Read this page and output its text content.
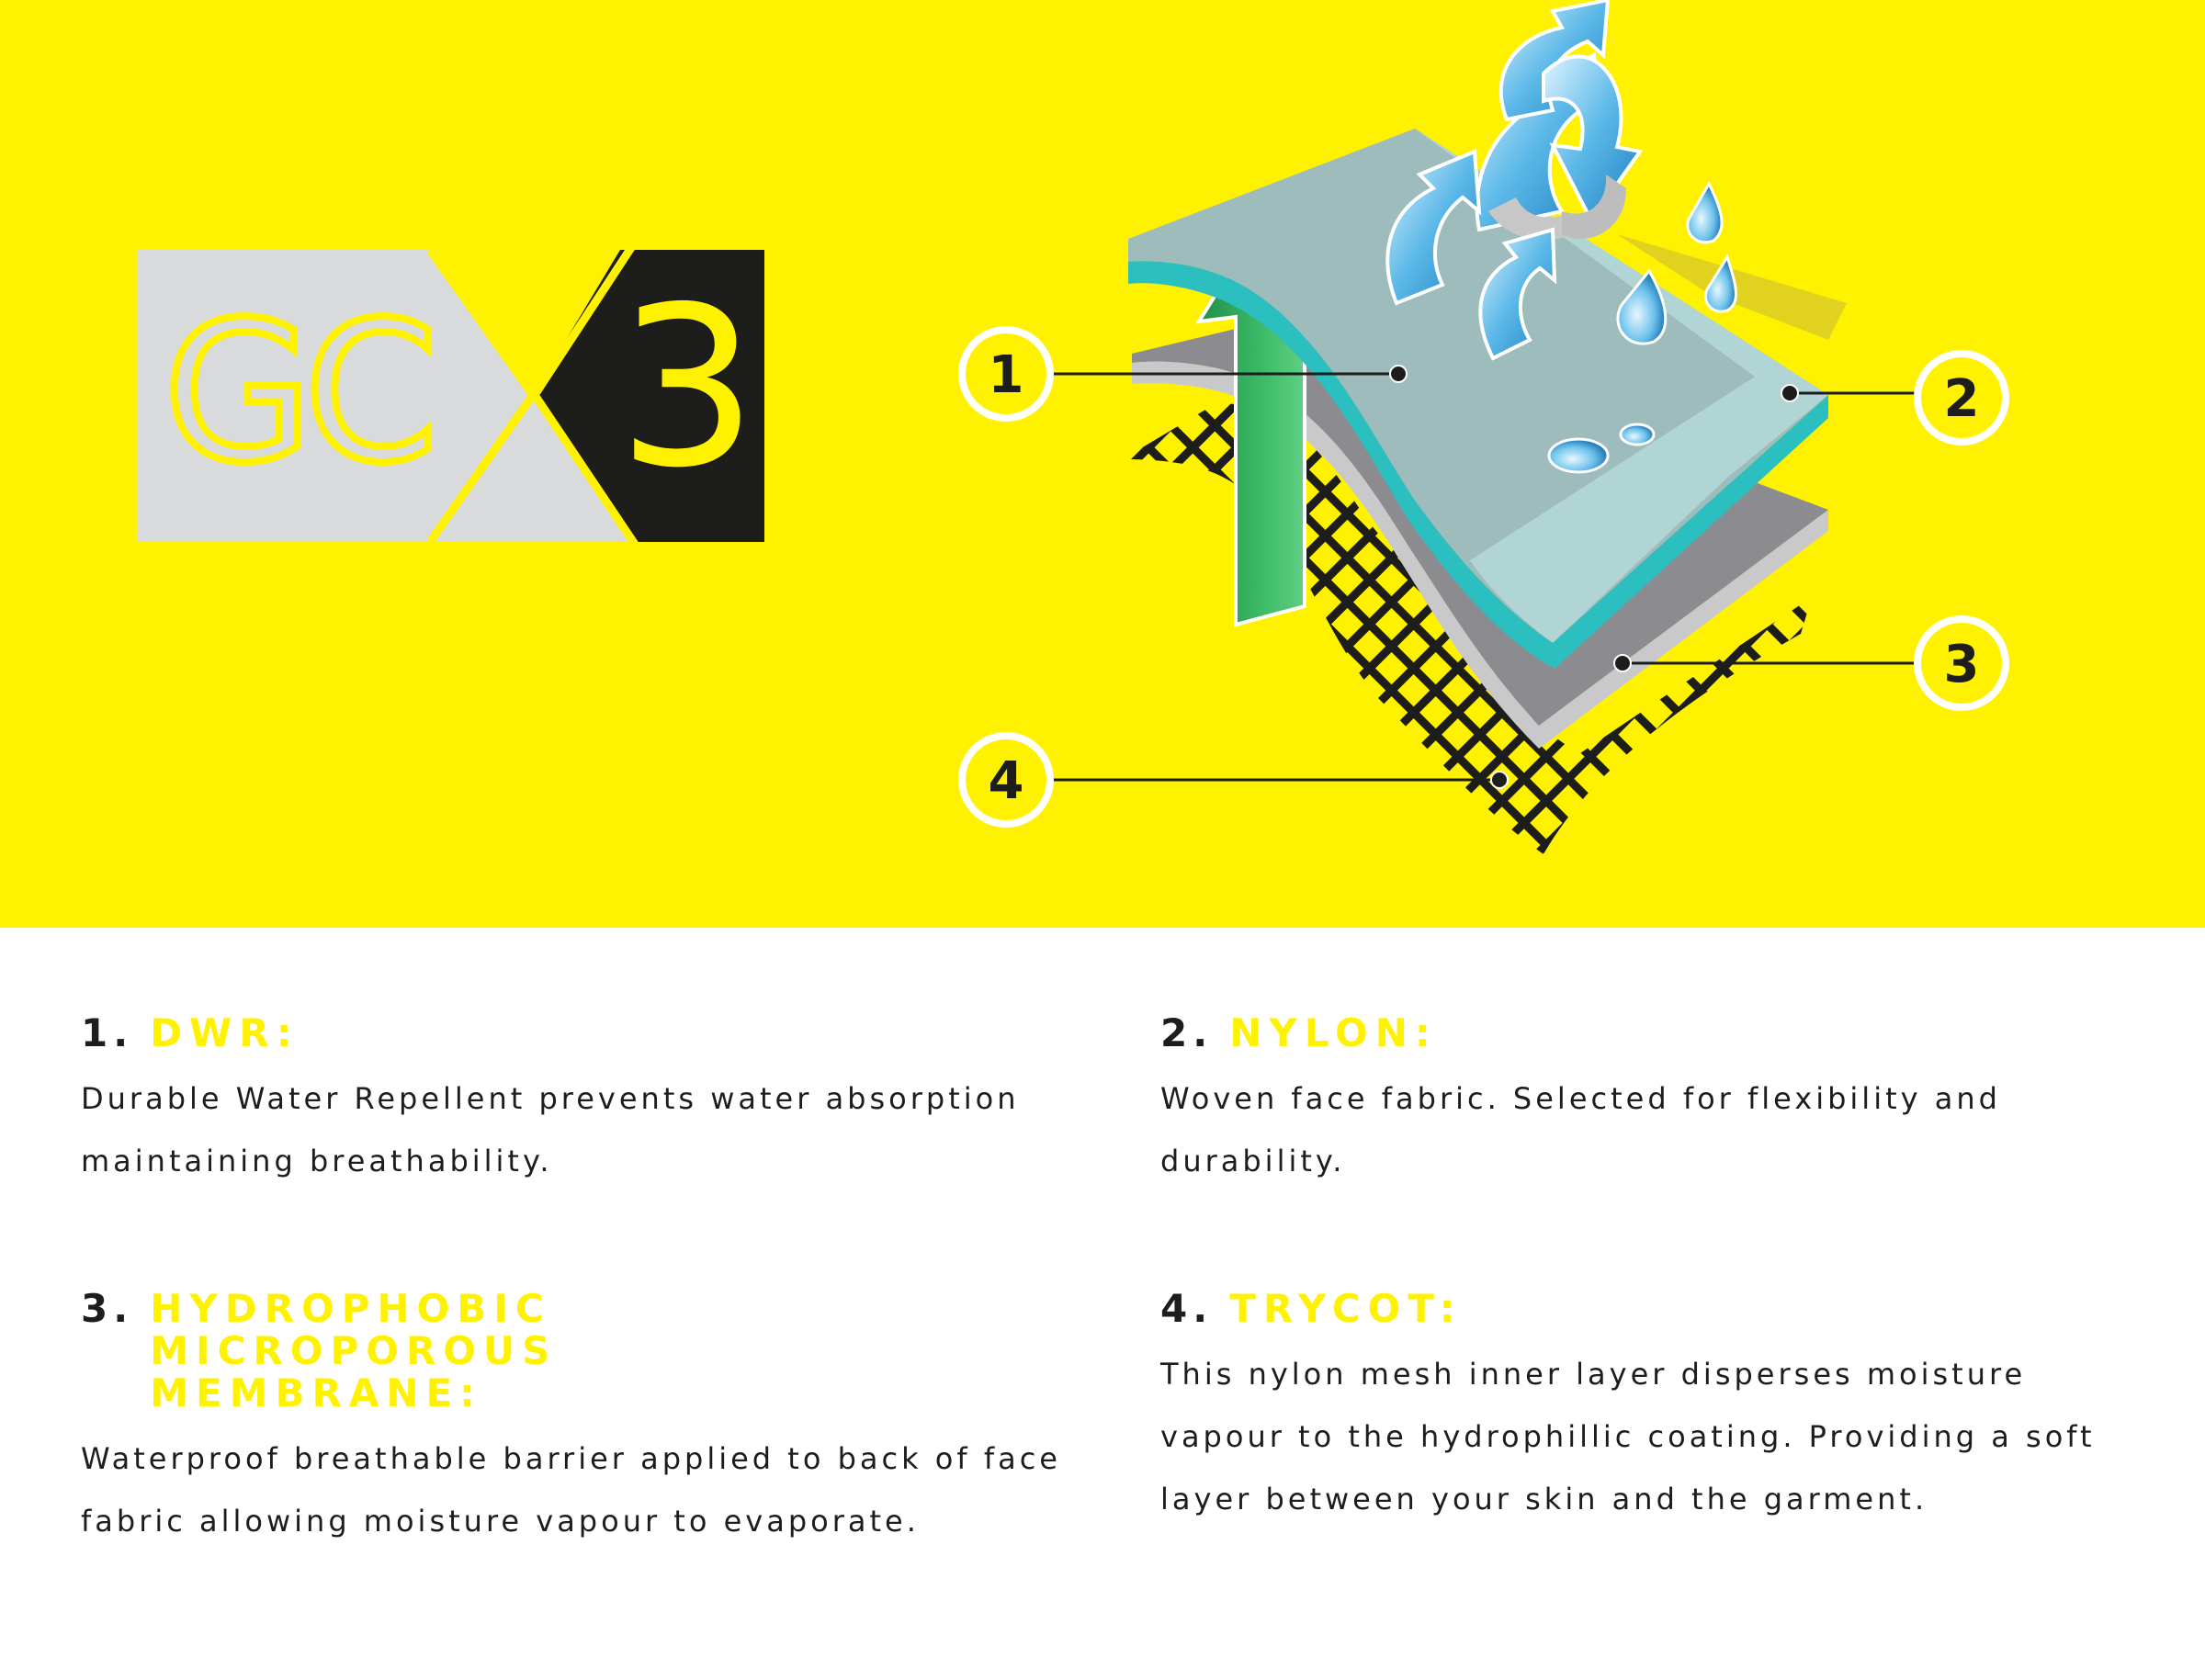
GC 3	1	2
3
4
1. DWR:

Durable Water Repellent prevents water absorption maintaining breathability.

2. NYLON:

Woven face fabric. Selected for flexibility and durability.

3. HYDROPHOBIC MICROPOROUS MEMBRANE:

Waterproof breathable barrier applied to back of face fabric allowing moisture vapour to evaporate.

4. TRYCOT:

This nylon mesh inner layer disperses moisture vapour to the hydrophillic coating. Providing a soft layer between your skin and the garment.
